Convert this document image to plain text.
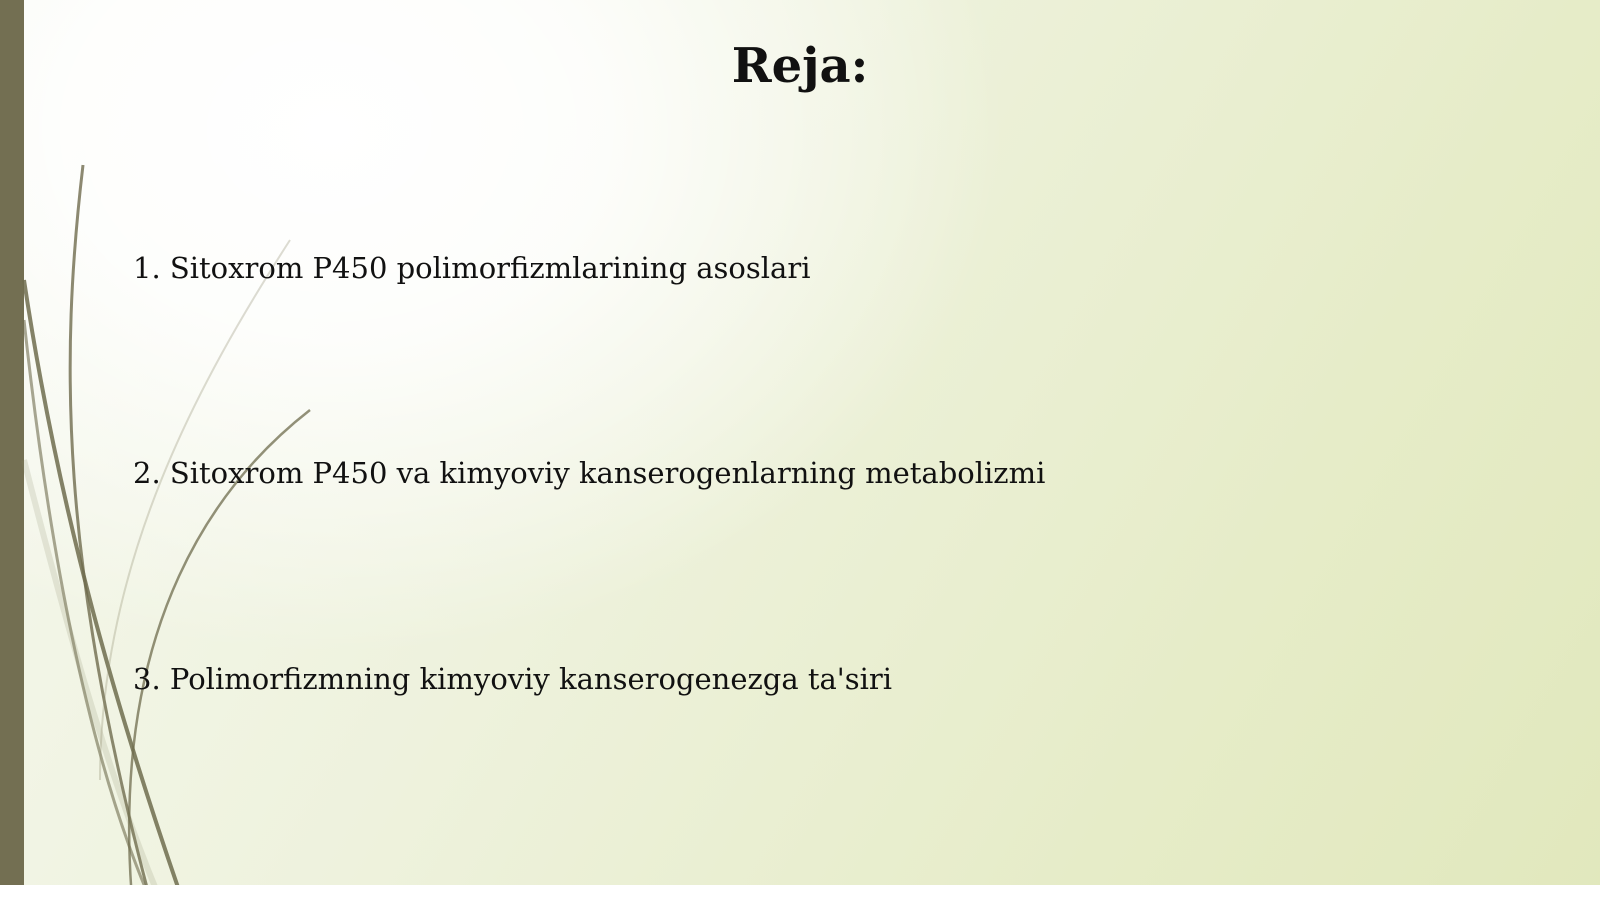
Reja:
1. Sitoxrom P450 polimorfizmlarining asoslari
2. Sitoxrom P450 va kimyoviy kanserogenlarning metabolizmi
3. Polimorfizmning kimyoviy kanserogenezga ta'siri
